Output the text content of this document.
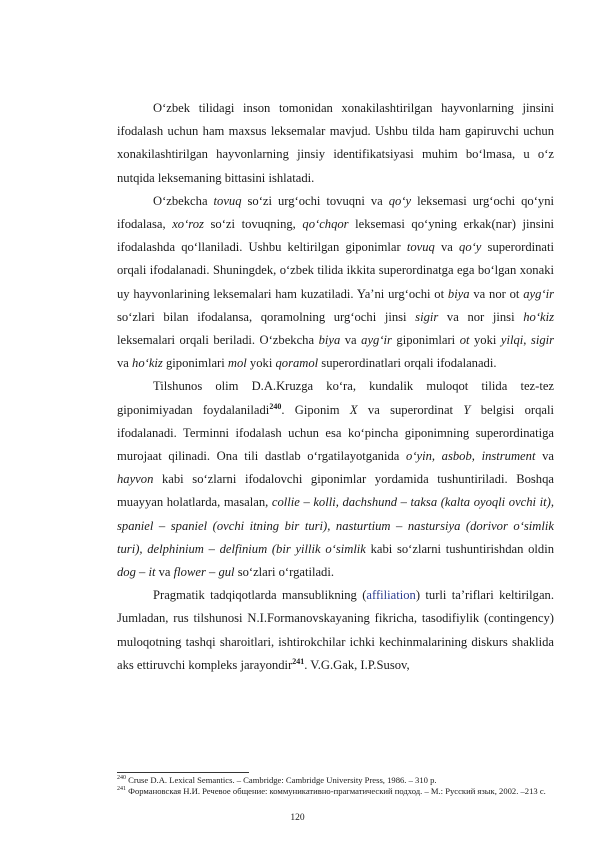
O‘zbek tilidagi inson tomonidan xonakilashtirilgan hayvonlarning jinsini ifodalash uchun ham maxsus leksemalar mavjud. Ushbu tilda ham gapiruvchi uchun xonakilashtirilgan hayvonlarning jinsiy identifikatsiyasi muhim bo‘lmasa, u o‘z nutqida leksemaning bittasini ishlatadi.

O‘zbekcha tovuq so‘zi urg‘ochi tovuqni va qo‘y leksemasi urg‘ochi qo‘yni ifodalasa, xo‘roz so‘zi tovuqning, qo‘chqor leksemasi qo‘yning erkak(nar) jinsini ifodalashda qo‘llaniladi. Ushbu keltirilgan giponimlar tovuq va qo‘y superordinati orqali ifodalanadi. Shuningdek, o‘zbek tilida ikkita superordinatga ega bo‘lgan xonaki uy hayvonlarining leksemalari ham kuzatiladi. Ya’ni urg‘ochi ot biya va nor ot ayg‘ir so‘zlari bilan ifodalansa, qoramolning urg‘ochi jinsi sigir va nor jinsi ho‘kiz leksemalari orqali beriladi. O‘zbekcha biya va ayg‘ir giponimlari ot yoki yilqi, sigir va ho‘kiz giponimlari mol yoki qoramol superordinatlari orqali ifodalanadi.

Tilshunos olim D.A.Kruzga ko‘ra, kundalik muloqot tilida tez-tez giponimiyadan foydalaniladi$^{240}$. Giponim X va superordinat Y belgisi orqali ifodalanadi. Terminni ifodalash uchun esa ko‘pincha giponimning superordinatiga murojaat qilinadi. Ona tili dastlab o‘rgatilayotganida o‘yin, asbob, instrument va hayvon kabi so‘zlarni ifodalovchi giponimlar yordamida tushuntiriladi. Boshqa muayyan holatlarda, masalan, collie – kolli, dachshund – taksa (kalta oyoqli ovchi it), spaniel – spaniel (ovchi itning bir turi), nasturtium – nastursiya (dorivor o‘simlik turi), delphinium – delfinium (bir yillik o‘simlik kabi so‘zlarni tushuntirishdan oldin dog – it va flower – gul so‘zlari o‘rgatiladi.

Pragmatik tadqiqotlarda mansublikning (affiliation) turli ta’riflari keltirilgan. Jumladan, rus tilshunosi N.I.Formanovskayaning fikricha, tasodifiylik (contingency) muloqotning tashqi sharoitlari, ishtirokchilar ichki kechinmalarining diskurs shaklida aks ettiruvchi kompleks jarayondir$^{241}$. V.G.Gak, I.P.Susov,

$^{240}$ Cruse D.A. Lexical Semantics. – Cambridge: Cambridge University Press, 1986. – 310 p.

$^{241}$ Формановская Н.И. Речевое общение: коммуникативно-прагматический подход. – М.: Русский язык, 2002. –213 с.

120
